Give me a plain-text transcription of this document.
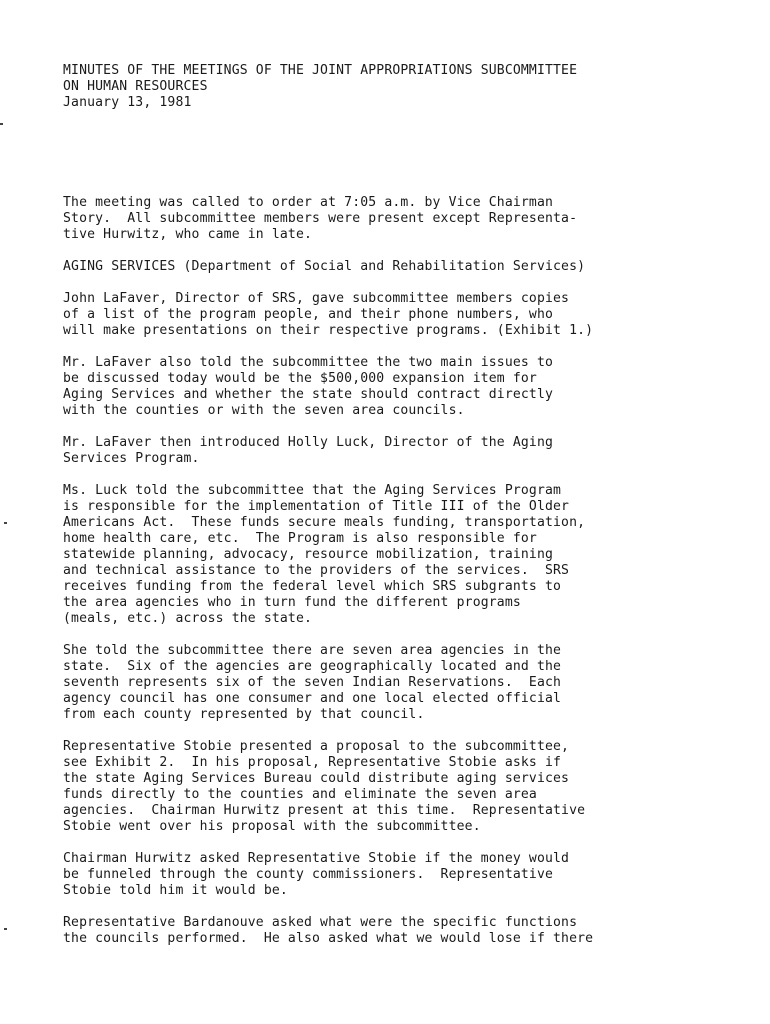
MINUTES OF THE MEETINGS OF THE JOINT APPROPRIATIONS SUBCOMMITTEE
ON HUMAN RESOURCES
January 13, 1981
The meeting was called to order at 7:05 a.m. by Vice Chairman
Story.  All subcommittee members were present except Representa-
tive Hurwitz, who came in late.
AGING SERVICES (Department of Social and Rehabilitation Services)
John LaFaver, Director of SRS, gave subcommittee members copies
of a list of the program people, and their phone numbers, who
will make presentations on their respective programs. (Exhibit 1.)
Mr. LaFaver also told the subcommittee the two main issues to
be discussed today would be the $500,000 expansion item for
Aging Services and whether the state should contract directly
with the counties or with the seven area councils.
Mr. LaFaver then introduced Holly Luck, Director of the Aging
Services Program.
Ms. Luck told the subcommittee that the Aging Services Program
is responsible for the implementation of Title III of the Older
Americans Act.  These funds secure meals funding, transportation,
home health care, etc.  The Program is also responsible for
statewide planning, advocacy, resource mobilization, training
and technical assistance to the providers of the services.  SRS
receives funding from the federal level which SRS subgrants to
the area agencies who in turn fund the different programs
(meals, etc.) across the state.
She told the subcommittee there are seven area agencies in the
state.  Six of the agencies are geographically located and the
seventh represents six of the seven Indian Reservations.  Each
agency council has one consumer and one local elected official
from each county represented by that council.
Representative Stobie presented a proposal to the subcommittee,
see Exhibit 2.  In his proposal, Representative Stobie asks if
the state Aging Services Bureau could distribute aging services
funds directly to the counties and eliminate the seven area
agencies.  Chairman Hurwitz present at this time.  Representative
Stobie went over his proposal with the subcommittee.
Chairman Hurwitz asked Representative Stobie if the money would
be funneled through the county commissioners.  Representative
Stobie told him it would be.
Representative Bardanouve asked what were the specific functions
the councils performed.  He also asked what we would lose if there
